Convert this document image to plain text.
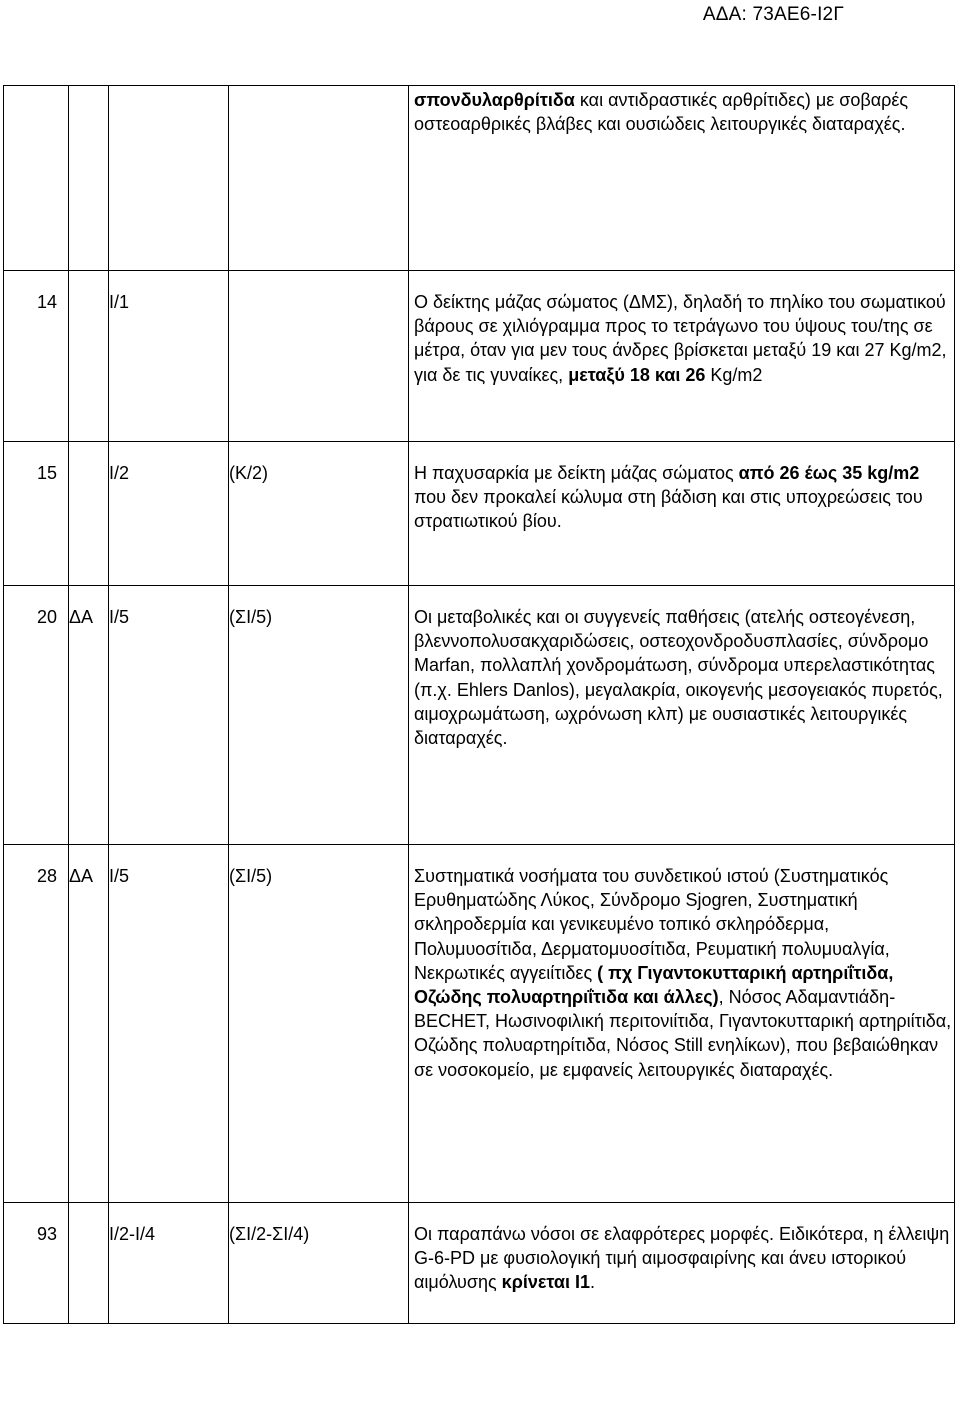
ΑΔΑ: 73ΑΕ6-Ι2Γ

				σπονδυλαρθρίτιδα και αντιδραστικές αρθρίτιδες) με σοβαρές οστεοαρθρικές βλάβες και ουσιώδεις λειτουργικές διαταραχές.

14		Ι/1		Ο δείκτης μάζας σώματος (ΔΜΣ), δηλαδή το πηλίκο του σωματικού βάρους σε χιλιόγραμμα προς το τετράγωνο του ύψους του/της σε μέτρα, όταν για μεν τους άνδρες βρίσκεται μεταξύ 19 και 27 Kg/m2, για δε τις γυναίκες, μεταξύ 18 και 26 Kg/m2

15		Ι/2	(Κ/2)	Η παχυσαρκία με δείκτη μάζας σώματος από 26 έως 35 kg/m2 που δεν προκαλεί κώλυμα στη βάδιση και στις υποχρεώσεις του στρατιωτικού βίου.

20	ΔΑ	Ι/5	(ΣΙ/5)	Οι μεταβολικές και οι συγγενείς παθήσεις (ατελής οστεογένεση, βλεννοπολυσακχαριδώσεις, οστεοχονδροδυσπλασίες, σύνδρομο Marfan, πολλαπλή χονδρομάτωση, σύνδρομα υπερελαστικότητας (π.χ. Ehlers Danlos), μεγαλακρία, οικογενής μεσογειακός πυρετός, αιμοχρωμάτωση, ωχρόνωση κλπ) με ουσιαστικές λειτουργικές διαταραχές.

28	ΔΑ	Ι/5	(ΣΙ/5)	Συστηματικά νοσήματα του συνδετικού ιστού (Συστηματικός Ερυθηματώδης Λύκος, Σύνδρομο Sjogren, Συστηματική σκληροδερμία και γενικευμένο τοπικό σκληρόδερμα, Πολυμυοσίτιδα, Δερματομυοσίτιδα, Ρευματική πολυμυαλγία, Νεκρωτικές αγγειίτιδες ( πχ Γιγαντοκυτταρική αρτηριΐτιδα, Οζώδης πολυαρτηριΐτιδα και άλλες), Νόσος Αδαμαντιάδη-BECHET, Ηωσινοφιλική περιτονιίτιδα, Γιγαντοκυτταρική αρτηριίτιδα, Οζώδης πολυαρτηρίτιδα, Νόσος Still ενηλίκων), που βεβαιώθηκαν σε νοσοκομείο, με εμφανείς λειτουργικές διαταραχές.

93		Ι/2-Ι/4	(ΣΙ/2-ΣΙ/4)	Οι παραπάνω νόσοι σε ελαφρότερες μορφές. Ειδικότερα, η έλλειψη G-6-PD με φυσιολογική τιμή αιμοσφαιρίνης και άνευ ιστορικού αιμόλυσης κρίνεται Ι1.
